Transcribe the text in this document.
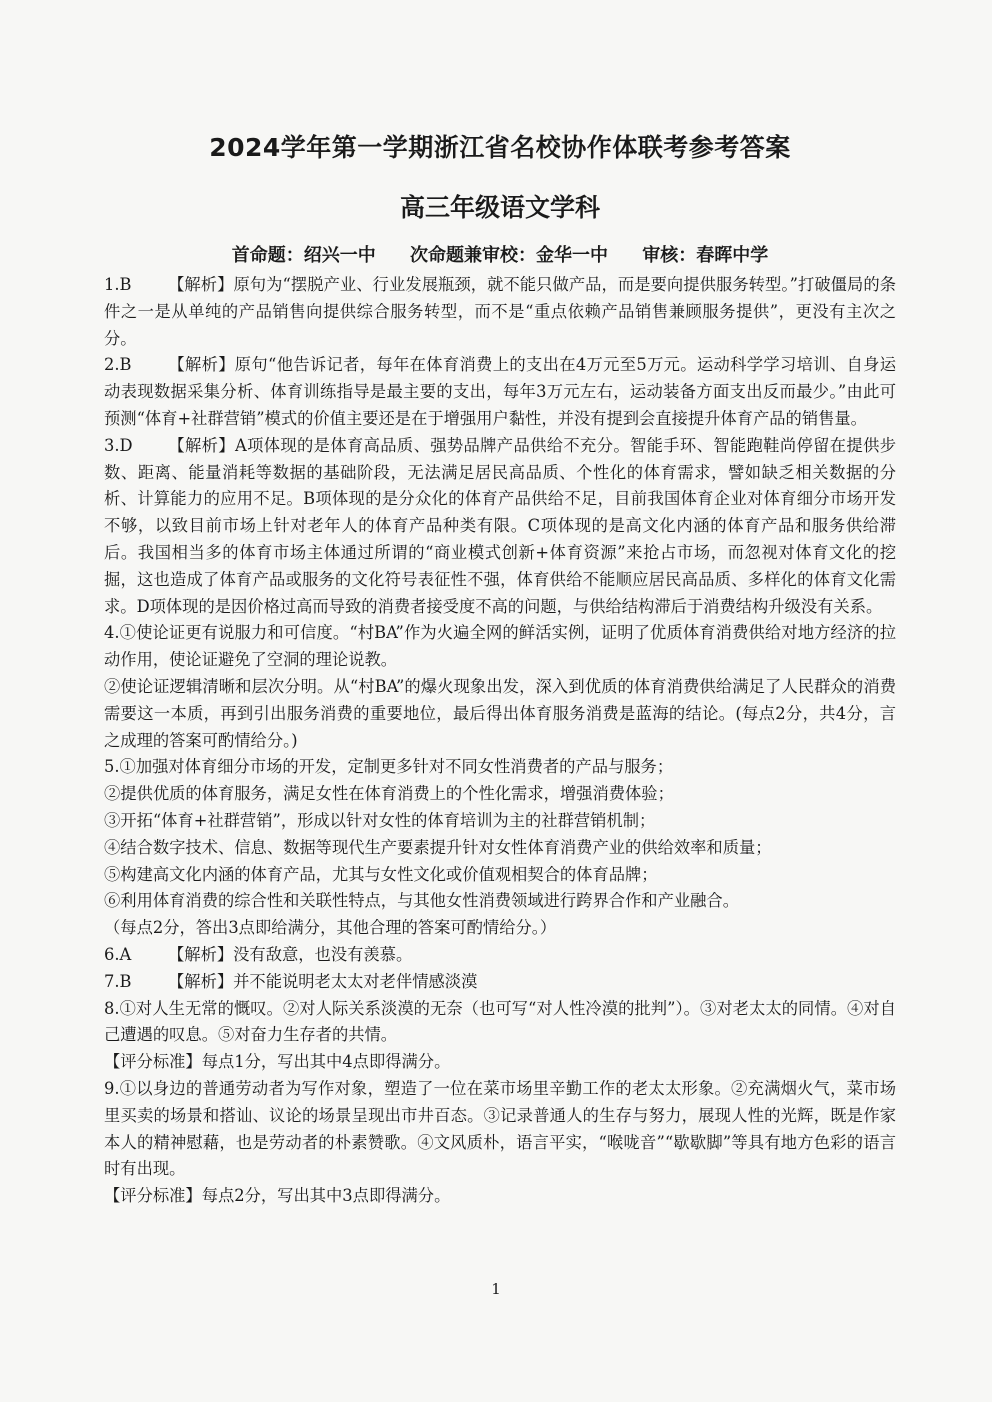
2024学年第一学期浙江省名校协作体联考参考答案
高三年级语文学科
首命题：绍兴一中 次命题兼审校：金华一中 审核：春晖中学

1.B 【解析】原句为“摆脱产业、行业发展瓶颈，就不能只做产品，而是要向提供服务转型。”打破僵局的条件之一是从单纯的产品销售向提供综合服务转型，而不是“重点依赖产品销售兼顾服务提供”，更没有主次之分。

2.B 【解析】原句“他告诉记者，每年在体育消费上的支出在4万元至5万元。运动科学学习培训、自身运动表现数据采集分析、体育训练指导是最主要的支出，每年3万元左右，运动装备方面支出反而最少。”由此可预测“体育+社群营销”模式的价值主要还是在于增强用户黏性，并没有提到会直接提升体育产品的销售量。

3.D 【解析】A项体现的是体育高品质、强势品牌产品供给不充分。智能手环、智能跑鞋尚停留在提供步数、距离、能量消耗等数据的基础阶段，无法满足居民高品质、个性化的体育需求，譬如缺乏相关数据的分析、计算能力的应用不足。B项体现的是分众化的体育产品供给不足，目前我国体育企业对体育细分市场开发不够，以致目前市场上针对老年人的体育产品种类有限。C项体现的是高文化内涵的体育产品和服务供给滞后。我国相当多的体育市场主体通过所谓的“商业模式创新+体育资源”来抢占市场，而忽视对体育文化的挖掘，这也造成了体育产品或服务的文化符号表征性不强，体育供给不能顺应居民高品质、多样化的体育文化需求。D项体现的是因价格过高而导致的消费者接受度不高的问题，与供给结构滞后于消费结构升级没有关系。

4.①使论证更有说服力和可信度。“村BA”作为火遍全网的鲜活实例，证明了优质体育消费供给对地方经济的拉动作用，使论证避免了空洞的理论说教。

②使论证逻辑清晰和层次分明。从“村BA”的爆火现象出发，深入到优质的体育消费供给满足了人民群众的消费需要这一本质，再到引出服务消费的重要地位，最后得出体育服务消费是蓝海的结论。(每点2分，共4分，言之成理的答案可酌情给分。)

5.①加强对体育细分市场的开发，定制更多针对不同女性消费者的产品与服务；

②提供优质的体育服务，满足女性在体育消费上的个性化需求，增强消费体验；

③开拓“体育+社群营销”，形成以针对女性的体育培训为主的社群营销机制；

④结合数字技术、信息、数据等现代生产要素提升针对女性体育消费产业的供给效率和质量；

⑤构建高文化内涵的体育产品，尤其与女性文化或价值观相契合的体育品牌；

⑥利用体育消费的综合性和关联性特点，与其他女性消费领域进行跨界合作和产业融合。

（每点2分，答出3点即给满分，其他合理的答案可酌情给分。）

6.A 【解析】没有敌意，也没有羡慕。

7.B 【解析】并不能说明老太太对老伴情感淡漠

8.①对人生无常的慨叹。②对人际关系淡漠的无奈（也可写“对人性冷漠的批判”）。③对老太太的同情。④对自己遭遇的叹息。⑤对奋力生存者的共情。

【评分标准】每点1分，写出其中4点即得满分。

9.①以身边的普通劳动者为写作对象，塑造了一位在菜市场里辛勤工作的老太太形象。②充满烟火气，菜市场里买卖的场景和搭讪、议论的场景呈现出市井百态。③记录普通人的生存与努力，展现人性的光辉，既是作家本人的精神慰藉，也是劳动者的朴素赞歌。④文风质朴，语言平实，“喉咙音”“歇歇脚”等具有地方色彩的语言时有出现。

【评分标准】每点2分，写出其中3点即得满分。

1
